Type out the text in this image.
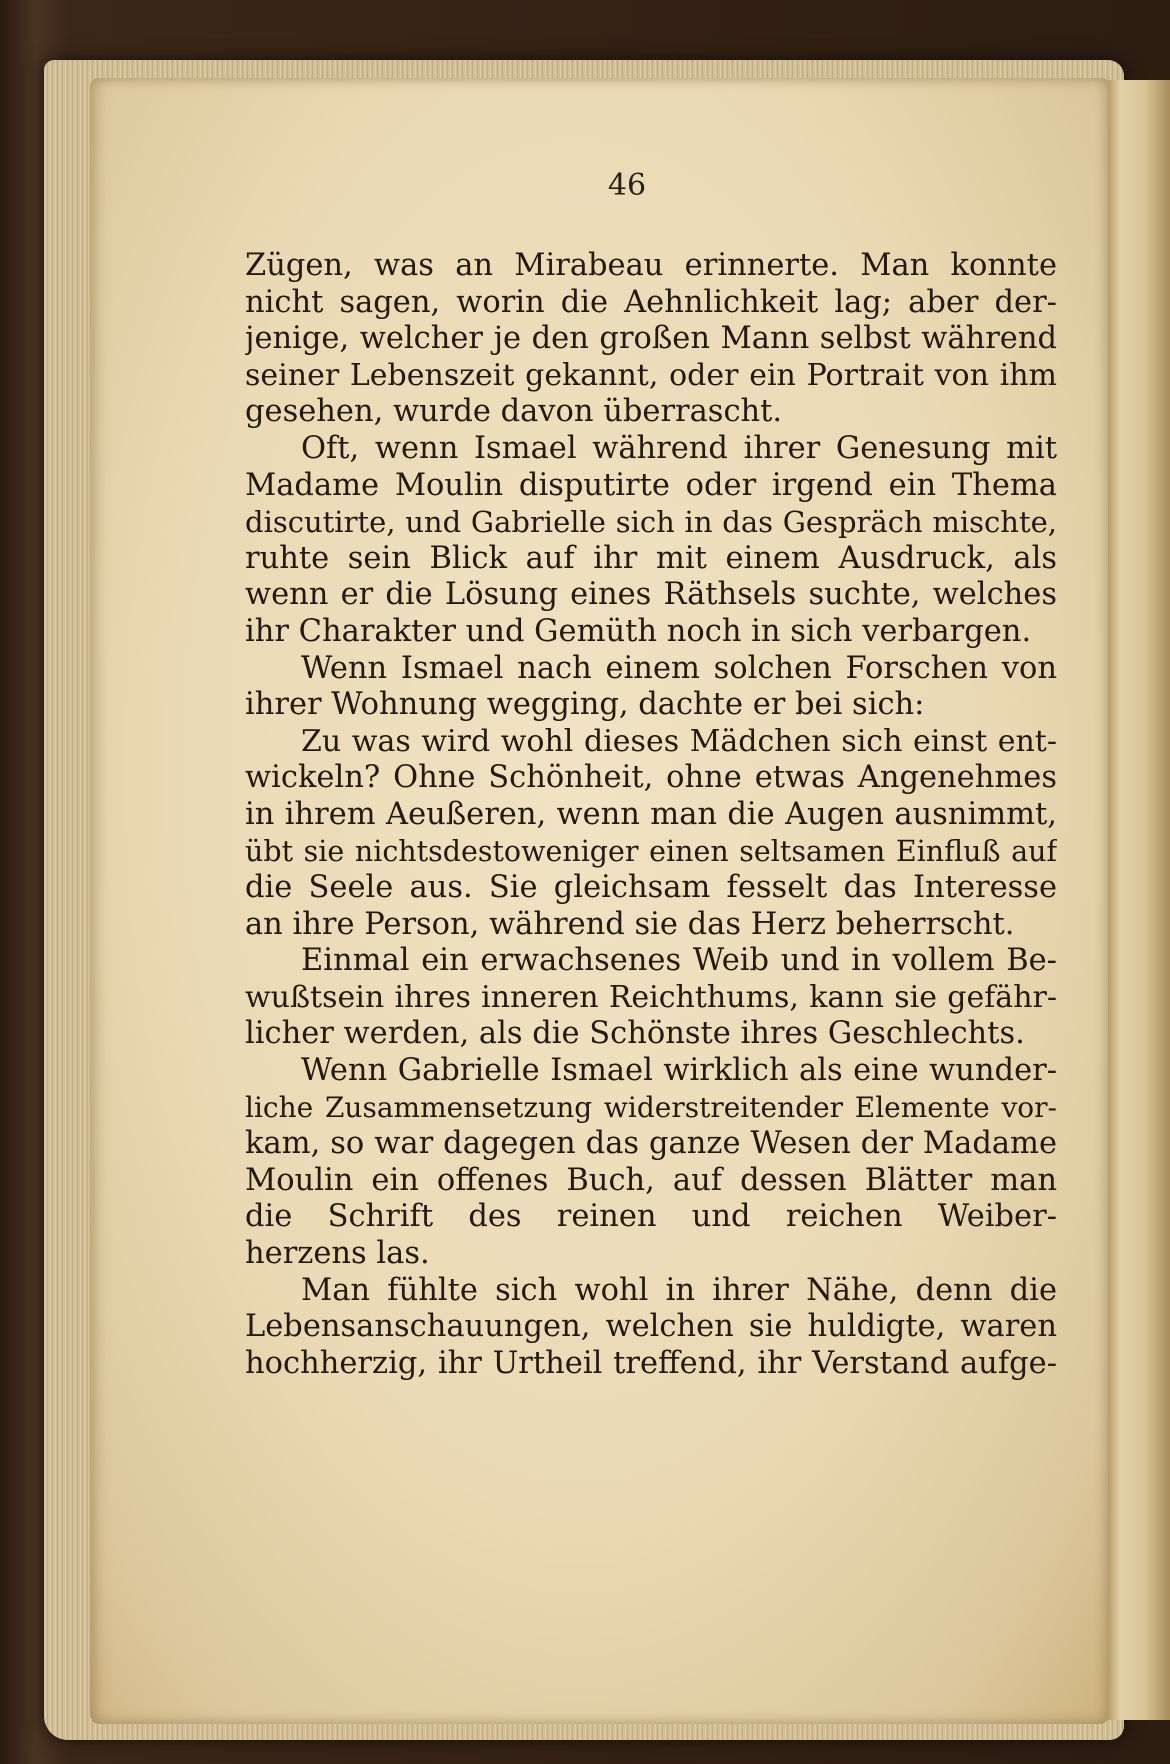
46
Zügen, was an Mirabeau erinnerte. Man konnte
nicht sagen, worin die Aehnlichkeit lag; aber der-
jenige, welcher je den großen Mann selbst während
seiner Lebenszeit gekannt, oder ein Portrait von ihm
gesehen, wurde davon überrascht.
Oft, wenn Ismael während ihrer Genesung mit
Madame Moulin disputirte oder irgend ein Thema
discutirte, und Gabrielle sich in das Gespräch mischte,
ruhte sein Blick auf ihr mit einem Ausdruck, als
wenn er die Lösung eines Räthsels suchte, welches
ihr Charakter und Gemüth noch in sich verbargen.
Wenn Ismael nach einem solchen Forschen von
ihrer Wohnung wegging, dachte er bei sich:
Zu was wird wohl dieses Mädchen sich einst ent-
wickeln? Ohne Schönheit, ohne etwas Angenehmes
in ihrem Aeußeren, wenn man die Augen ausnimmt,
übt sie nichtsdestoweniger einen seltsamen Einfluß auf
die Seele aus. Sie gleichsam fesselt das Interesse
an ihre Person, während sie das Herz beherrscht.
Einmal ein erwachsenes Weib und in vollem Be-
wußtsein ihres inneren Reichthums, kann sie gefähr-
licher werden, als die Schönste ihres Geschlechts.
Wenn Gabrielle Ismael wirklich als eine wunder-
liche Zusammensetzung widerstreitender Elemente vor-
kam, so war dagegen das ganze Wesen der Madame
Moulin ein offenes Buch, auf dessen Blätter man
die Schrift des reinen und reichen Weiber-
herzens las.
Man fühlte sich wohl in ihrer Nähe, denn die
Lebensanschauungen, welchen sie huldigte, waren
hochherzig, ihr Urtheil treffend, ihr Verstand aufge-
